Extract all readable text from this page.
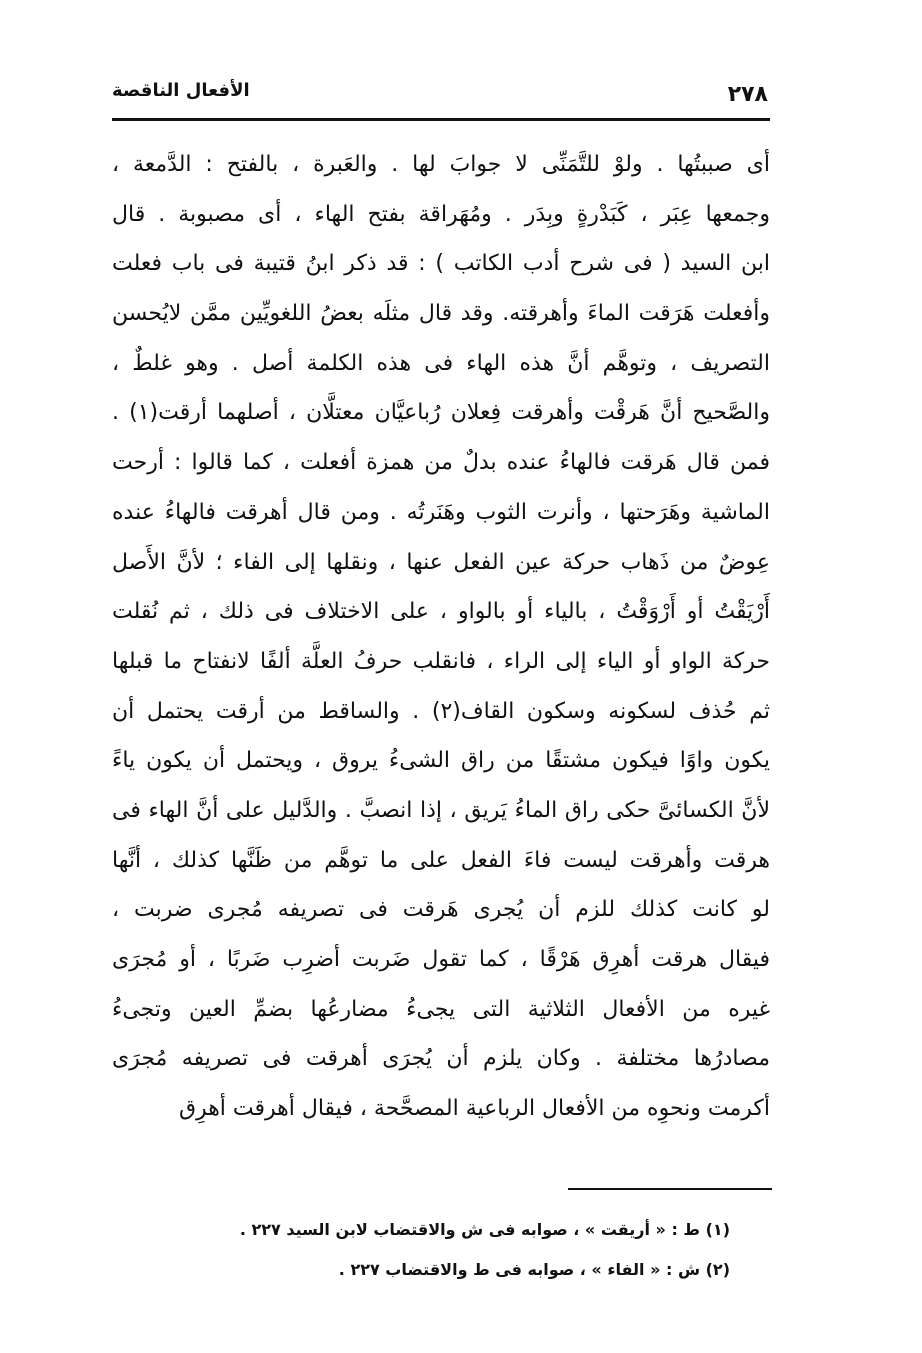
الأفعال الناقصة	٢٧٨
أى صببتُها . ولوْ للتَّمَنِّى لا جوابَ لها . والعَبرة ، بالفتح : الدَّمعة ،
وجمعها عِبَر ، كَبَدْرةٍ وبِدَر . ومُهَراقة بفتح الهاء ، أى مصبوبة . قال
ابن السيد ( فى شرح أدب الكاتب ) : قد ذكر ابنُ قتيبة فى باب فعلت
وأفعلت هَرَقت الماءَ وأهرقته. وقد قال مثلَه بعضُ اللغويِّين ممَّن لايُحسن
التصريف ، وتوهَّم أنَّ هذه الهاء فى هذه الكلمة أصل . وهو غلطٌ ،
والصَّحيح أنَّ هَرقْت وأهرقت فِعلان رُباعيَّان معتلَّان ، أصلهما أرقت(١) .
فمن قال هَرقت فالهاءُ عنده بدلٌ من همزة أفعلت ، كما قالوا : أرحت
الماشية وهَرَحتها ، وأنرت الثوب وهَنَرتُه . ومن قال أهرقت فالهاءُ عنده
عِوضٌ من ذَهاب حركة عين الفعل عنها ، ونقلها إلى الفاء ؛ لأنَّ الأَصل
أَرْيَقْتُ أو أَرْوَقْتُ ، بالياء أو بالواو ، على الاختلاف فى ذلك ، ثم نُقلت
حركة الواو أو الياء إلى الراء ، فانقلب حرفُ العلَّة ألفًا لانفتاح ما قبلها
ثم حُذف لسكونه وسكون القاف(٢) . والساقط من أرقت يحتمل أن
يكون واوًا فيكون مشتقًا من راق الشىءُ يروق ، ويحتمل أن يكون ياءً
لأنَّ الكسائىَّ حكى راق الماءُ يَريق ، إذا انصبَّ . والدَّليل على أنَّ الهاء فى
هرقت وأهرقت ليست فاءَ الفعل على ما توهَّم من ظَنَّها كذلك ، أنَّها
لو كانت كذلك للزم أن يُجرى هَرقت فى تصريفه مُجرى ضربت ،
فيقال هرقت أهرِق هَرْقًا ، كما تقول ضَربت أضرِب ضَربًا ، أو مُجرَى
غيره من الأفعال الثلاثية التى يجىءُ مضارعُها بضمِّ العين وتجىءُ
مصادرُها مختلفة . وكان يلزم أن يُجرَى أهرقت فى تصريفه مُجرَى
أكرمت ونحوِه من الأفعال الرباعية المصحَّحة ، فيقال أهرقت أهرِق
(١) ط : « أريقت » ، صوابه فى ش والاقتضاب لابن السيد ٢٢٧ .
(٢) ش : « الفاء » ، صوابه فى ط والاقتضاب ٢٢٧ .
